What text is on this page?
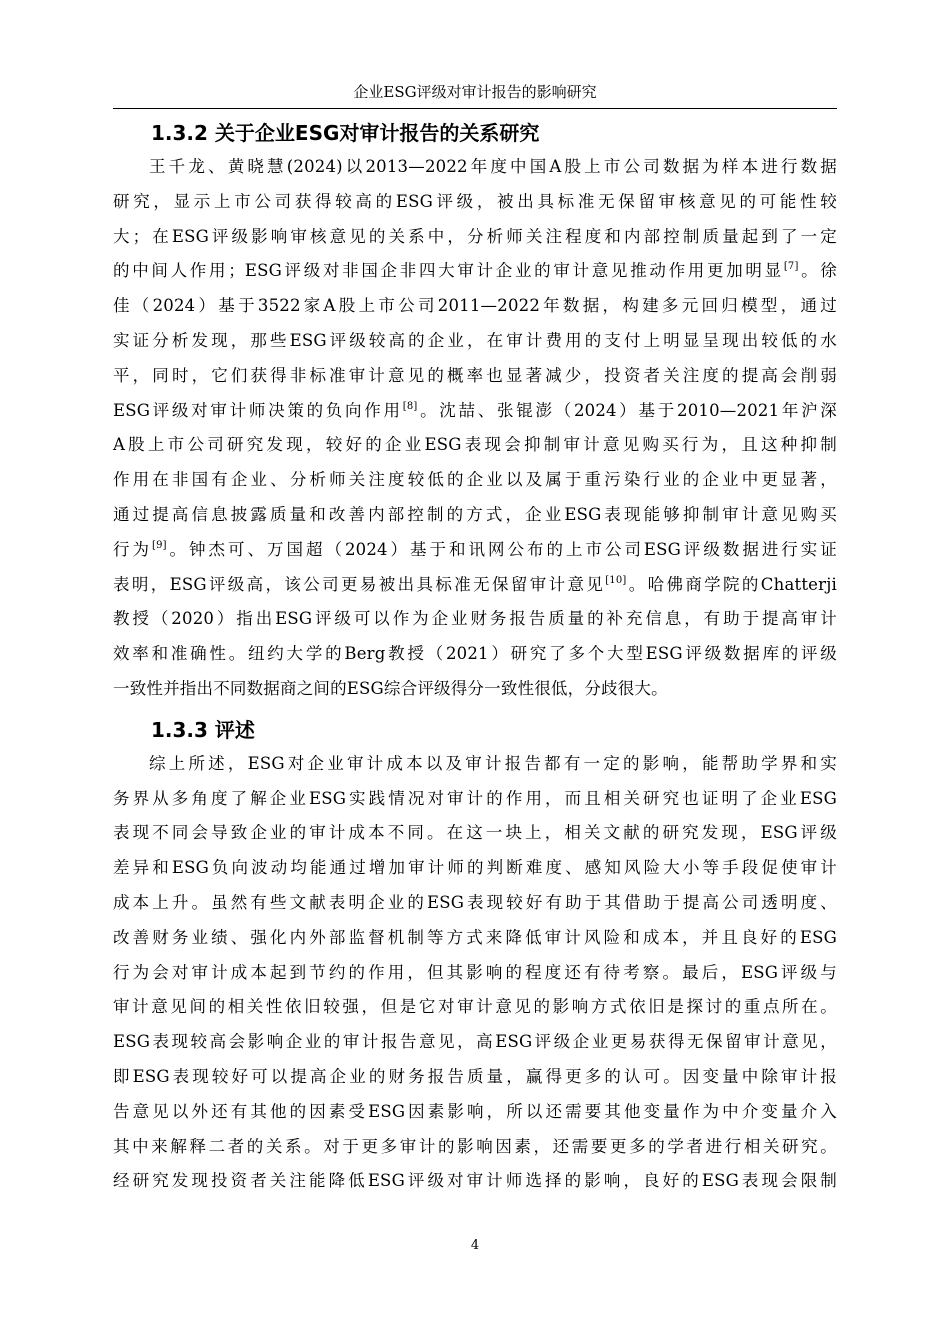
企业ESG评级对审计报告的影响研究
1.3.2 关于企业ESG对审计报告的关系研究
王千龙、黄晓慧(2024)以2013—2022年度中国A股上市公司数据为样本进行数据
研究，显示上市公司获得较高的ESG评级，被出具标准无保留审核意见的可能性较
大；在ESG评级影响审核意见的关系中，分析师关注程度和内部控制质量起到了一定
的中间人作用；ESG评级对非国企非四大审计企业的审计意见推动作用更加明显[7]。徐
佳（2024）基于3522家A股上市公司2011—2022年数据，构建多元回归模型，通过
实证分析发现，那些ESG评级较高的企业，在审计费用的支付上明显呈现出较低的水
平，同时，它们获得非标准审计意见的概率也显著减少，投资者关注度的提高会削弱
ESG评级对审计师决策的负向作用[8]。沈喆、张锟澎（2024）基于2010—2021年沪深
A股上市公司研究发现，较好的企业ESG表现会抑制审计意见购买行为，且这种抑制
作用在非国有企业、分析师关注度较低的企业以及属于重污染行业的企业中更显著，
通过提高信息披露质量和改善内部控制的方式，企业ESG表现能够抑制审计意见购买
行为[9]。钟杰可、万国超（2024）基于和讯网公布的上市公司ESG评级数据进行实证
表明，ESG评级高，该公司更易被出具标准无保留审计意见[10]。哈佛商学院的Chatterji
教授（2020）指出ESG评级可以作为企业财务报告质量的补充信息，有助于提高审计
效率和准确性。纽约大学的Berg教授（2021）研究了多个大型ESG评级数据库的评级
一致性并指出不同数据商之间的ESG综合评级得分一致性很低，分歧很大。
1.3.3 评述
综上所述，ESG对企业审计成本以及审计报告都有一定的影响，能帮助学界和实
务界从多角度了解企业ESG实践情况对审计的作用，而且相关研究也证明了企业ESG
表现不同会导致企业的审计成本不同。在这一块上，相关文献的研究发现，ESG评级
差异和ESG负向波动均能通过增加审计师的判断难度、感知风险大小等手段促使审计
成本上升。虽然有些文献表明企业的ESG表现较好有助于其借助于提高公司透明度、
改善财务业绩、强化内外部监督机制等方式来降低审计风险和成本，并且良好的ESG
行为会对审计成本起到节约的作用，但其影响的程度还有待考察。最后，ESG评级与
审计意见间的相关性依旧较强，但是它对审计意见的影响方式依旧是探讨的重点所在。
ESG表现较高会影响企业的审计报告意见，高ESG评级企业更易获得无保留审计意见，
即ESG表现较好可以提高企业的财务报告质量，赢得更多的认可。因变量中除审计报
告意见以外还有其他的因素受ESG因素影响，所以还需要其他变量作为中介变量介入
其中来解释二者的关系。对于更多审计的影响因素，还需要更多的学者进行相关研究。
经研究发现投资者关注能降低ESG评级对审计师选择的影响，良好的ESG表现会限制
4
